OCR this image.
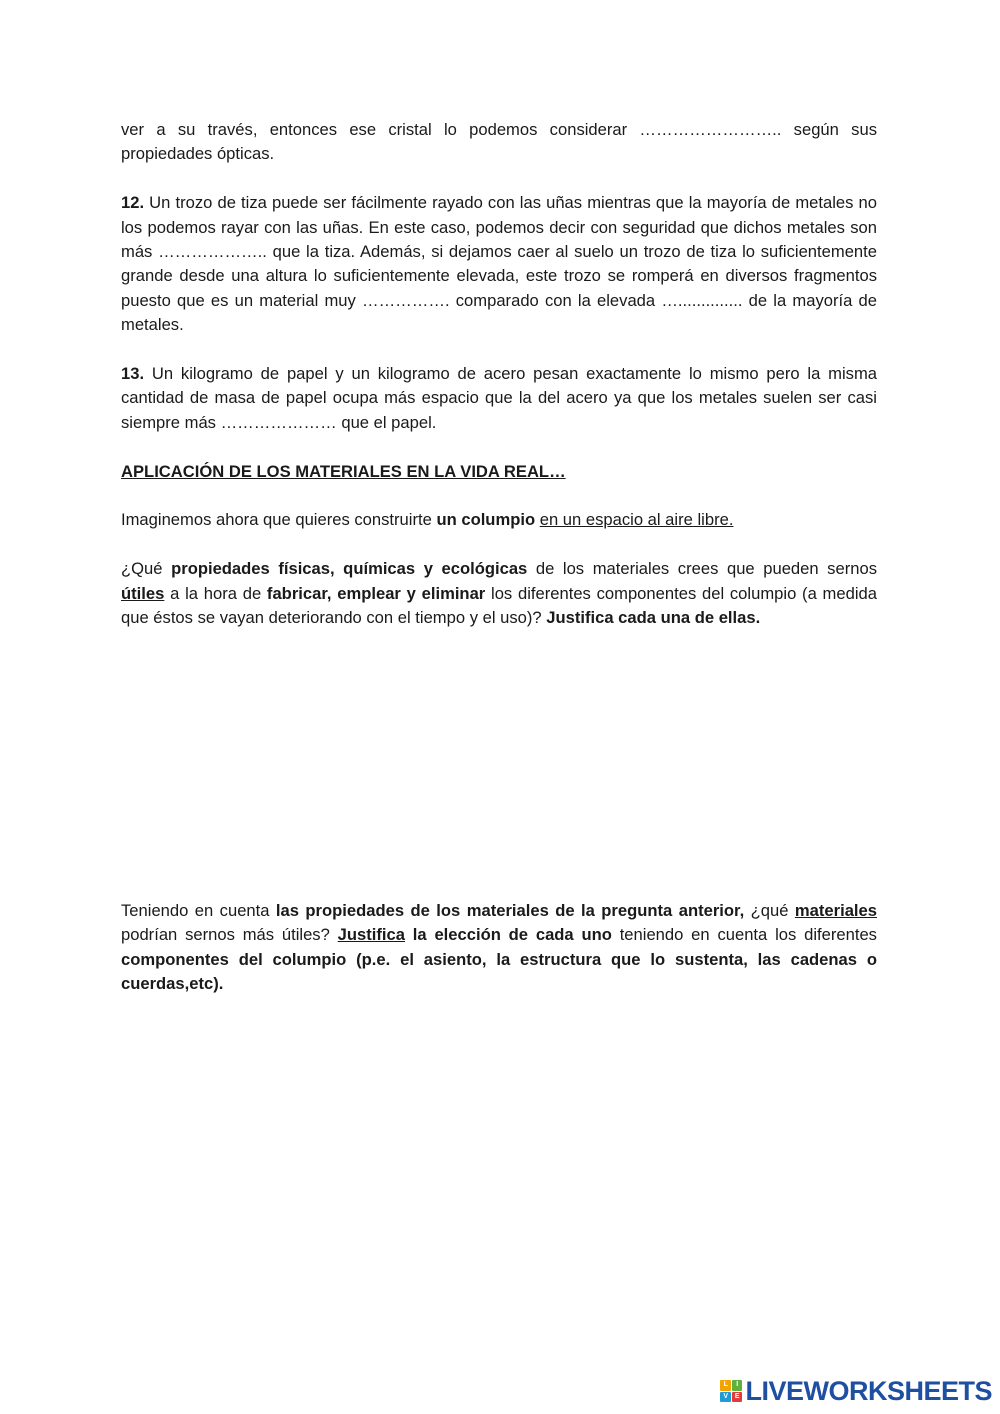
ver a su través, entonces ese cristal lo podemos considerar …………………….. según sus propiedades ópticas.

12. Un trozo de tiza puede ser fácilmente rayado con las uñas mientras que la mayoría de metales no los podemos rayar con las uñas. En este caso, podemos decir con seguridad que dichos metales son más ……………….. que la tiza. Además, si dejamos caer al suelo un trozo de tiza lo suficientemente grande desde una altura lo suficientemente elevada, este trozo se romperá en diversos fragmentos puesto que es un material muy ……………. comparado con la elevada ….............. de la mayoría de metales.

13. Un kilogramo de papel y un kilogramo de acero pesan exactamente lo mismo pero la misma cantidad de masa de papel ocupa más espacio que la del acero ya que los metales suelen ser casi siempre más ………………… que el papel.

APLICACIÓN DE LOS MATERIALES EN LA VIDA REAL…

Imaginemos ahora que quieres construirte un columpio en un espacio al aire libre.

¿Qué propiedades físicas, químicas y ecológicas de los materiales crees que pueden sernos útiles a la hora de fabricar, emplear y eliminar los diferentes componentes del columpio (a medida que éstos se vayan deteriorando con el tiempo y el uso)? Justifica cada una de ellas.

Teniendo en cuenta las propiedades de los materiales de la pregunta anterior, ¿qué materiales podrían sernos más útiles? Justifica la elección de cada uno teniendo en cuenta los diferentes componentes del columpio (p.e. el asiento, la estructura que lo sustenta, las cadenas o cuerdas,etc).

L	I
V E LIVEWORKSHEETS
